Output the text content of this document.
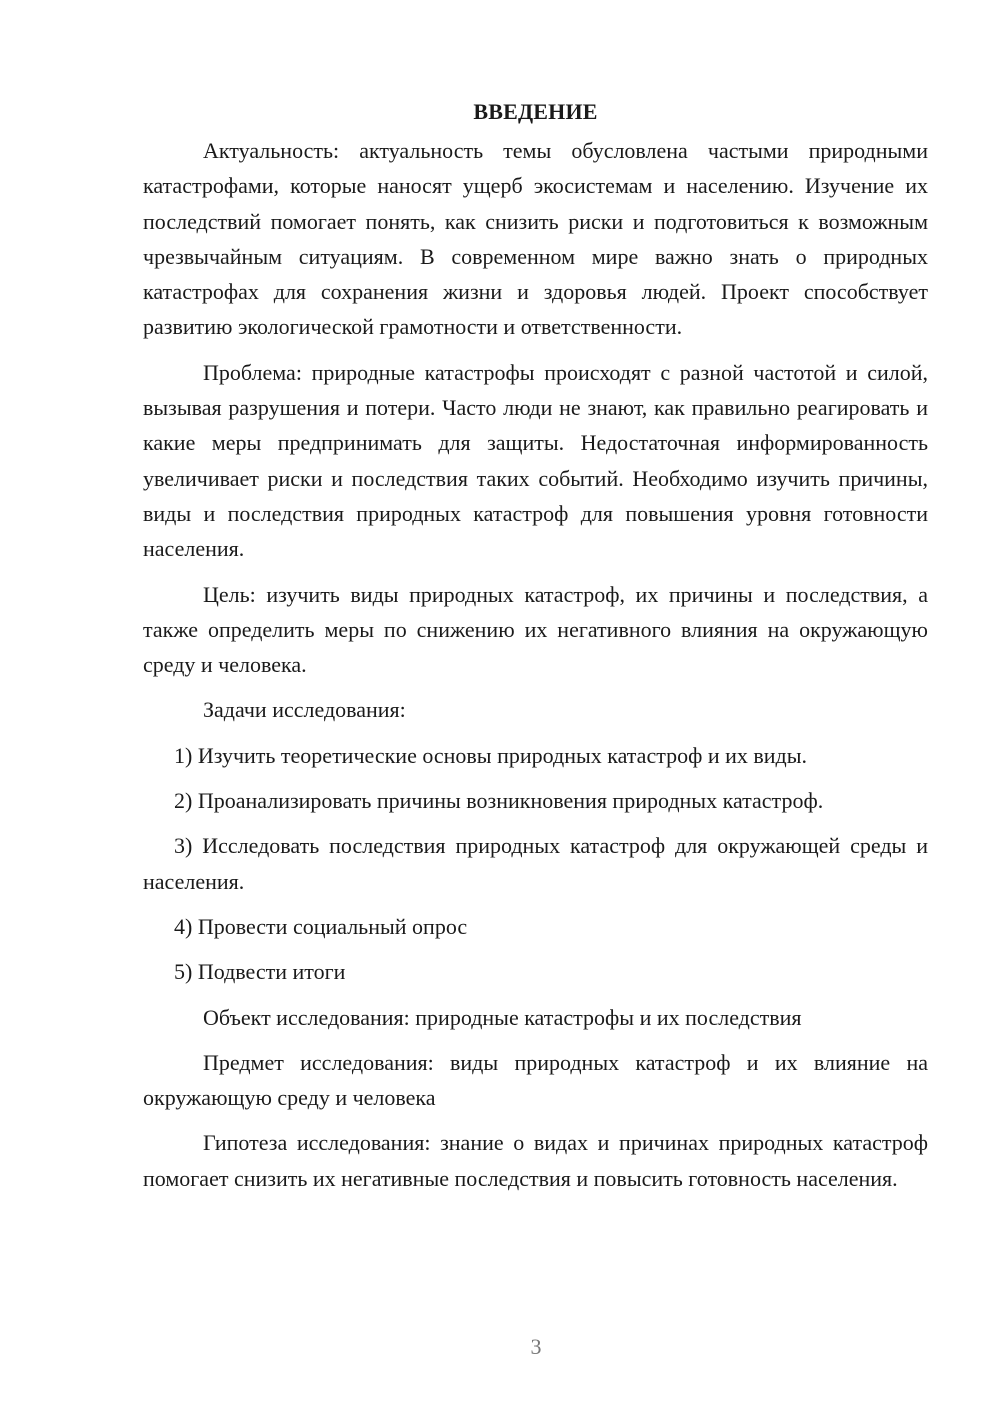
ВВЕДЕНИЕ

Актуальность: актуальность темы обусловлена частыми природными катастрофами, которые наносят ущерб экосистемам и населению. Изучение их последствий помогает понять, как снизить риски и подготовиться к возможным чрезвычайным ситуациям. В современном мире важно знать о природных катастрофах для сохранения жизни и здоровья людей. Проект способствует развитию экологической грамотности и ответственности.

Проблема: природные катастрофы происходят с разной частотой и силой, вызывая разрушения и потери. Часто люди не знают, как правильно реагировать и какие меры предпринимать для защиты. Недостаточная информированность увеличивает риски и последствия таких событий. Необходимо изучить причины, виды и последствия природных катастроф для повышения уровня готовности населения.

Цель: изучить виды природных катастроф, их причины и последствия, а также определить меры по снижению их негативного влияния на окружающую среду и человека.

Задачи исследования:

1) Изучить теоретические основы природных катастроф и их виды.

2) Проанализировать причины возникновения природных катастроф.

3) Исследовать последствия природных катастроф для окружающей среды и населения.

4) Провести социальный опрос

5) Подвести итоги

Объект исследования: природные катастрофы и их последствия

Предмет исследования: виды природных катастроф и их влияние на окружающую среду и человека

Гипотеза исследования: знание о видах и причинах природных катастроф помогает снизить их негативные последствия и повысить готовность населения.

3
